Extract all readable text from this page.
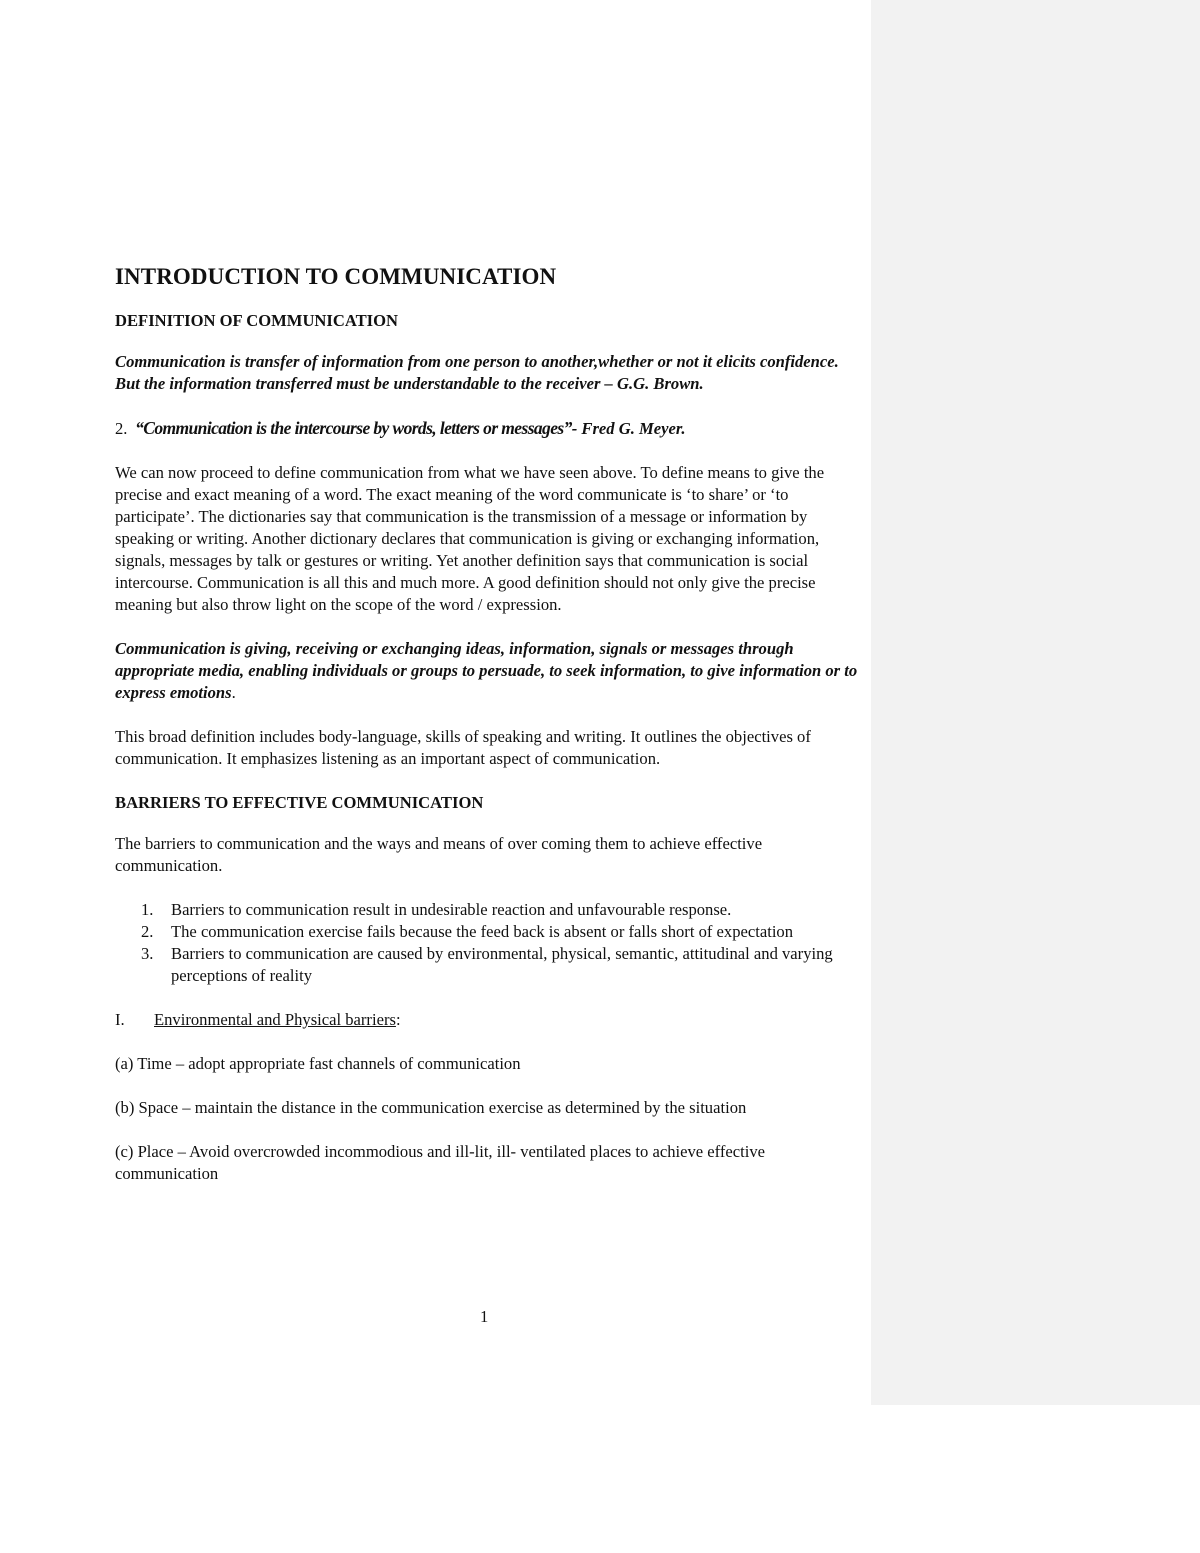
INTRODUCTION TO COMMUNICATION
DEFINITION OF COMMUNICATION

Communication is transfer of information from one person to another,whether or not it elicits confidence. But the information transferred must be understandable to the receiver – G.G. Brown.

2. “Communication is the intercourse by words, letters or messages”- Fred G. Meyer.

We can now proceed to define communication from what we have seen above. To define means to give the precise and exact meaning of a word. The exact meaning of the word communicate is ‘to share’ or ‘to participate’. The dictionaries say that communication is the transmission of a message or information by speaking or writing. Another dictionary declares that communication is giving or exchanging information, signals, messages by talk or gestures or writing. Yet another definition says that communication is social intercourse. Communication is all this and much more. A good definition should not only give the precise meaning but also throw light on the scope of the word / expression.

Communication is giving, receiving or exchanging ideas, information, signals or messages through appropriate media, enabling individuals or groups to persuade, to seek information, to give information or to express emotions.

This broad definition includes body-language, skills of speaking and writing. It outlines the objectives of communication. It emphasizes listening as an important aspect of communication.

BARRIERS TO EFFECTIVE COMMUNICATION

The barriers to communication and the ways and means of over coming them to achieve effective communication.

1. Barriers to communication result in undesirable reaction and unfavourable response.
2. The communication exercise fails because the feed back is absent or falls short of expectation
3. Barriers to communication are caused by environmental, physical, semantic, attitudinal and varying perceptions of reality

I. Environmental and Physical barriers:

(a) Time – adopt appropriate fast channels of communication

(b) Space – maintain the distance in the communication exercise as determined by the situation

(c) Place – Avoid overcrowded incommodious and ill-lit, ill- ventilated places to achieve effective communication

1
